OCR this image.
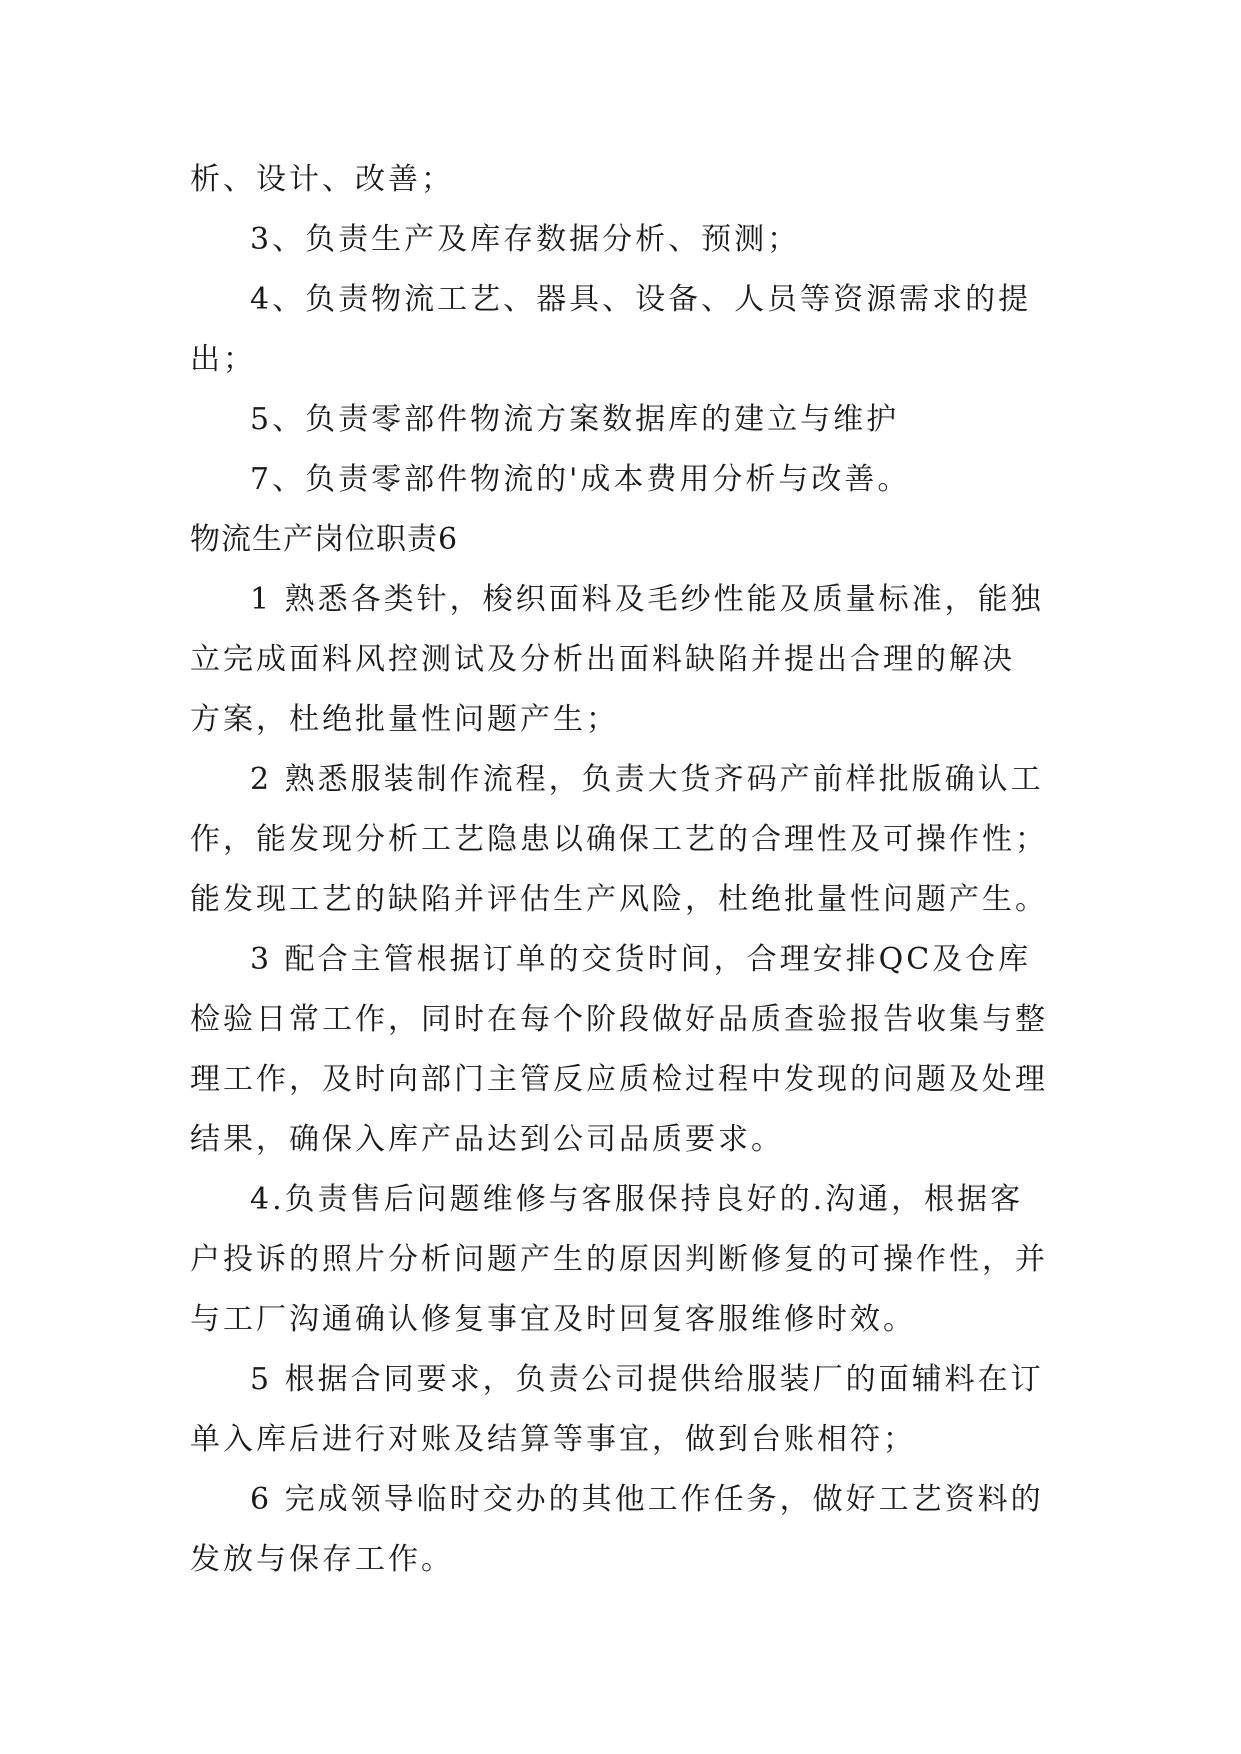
析、设计、改善；
3、负责生产及库存数据分析、预测；
4、负责物流工艺、器具、设备、人员等资源需求的提
出；
5、负责零部件物流方案数据库的建立与维护
7、负责零部件物流的'成本费用分析与改善。
物流生产岗位职责6
1 熟悉各类针，梭织面料及毛纱性能及质量标准，能独
立完成面料风控测试及分析出面料缺陷并提出合理的解决
方案，杜绝批量性问题产生；
2 熟悉服装制作流程，负责大货齐码产前样批版确认工
作，能发现分析工艺隐患以确保工艺的合理性及可操作性；
能发现工艺的缺陷并评估生产风险，杜绝批量性问题产生。
3 配合主管根据订单的交货时间，合理安排QC及仓库
检验日常工作，同时在每个阶段做好品质查验报告收集与整
理工作，及时向部门主管反应质检过程中发现的问题及处理
结果，确保入库产品达到公司品质要求。
4.负责售后问题维修与客服保持良好的.沟通，根据客
户投诉的照片分析问题产生的原因判断修复的可操作性，并
与工厂沟通确认修复事宜及时回复客服维修时效。
5 根据合同要求，负责公司提供给服装厂的面辅料在订
单入库后进行对账及结算等事宜，做到台账相符；
6 完成领导临时交办的其他工作任务，做好工艺资料的
发放与保存工作。
